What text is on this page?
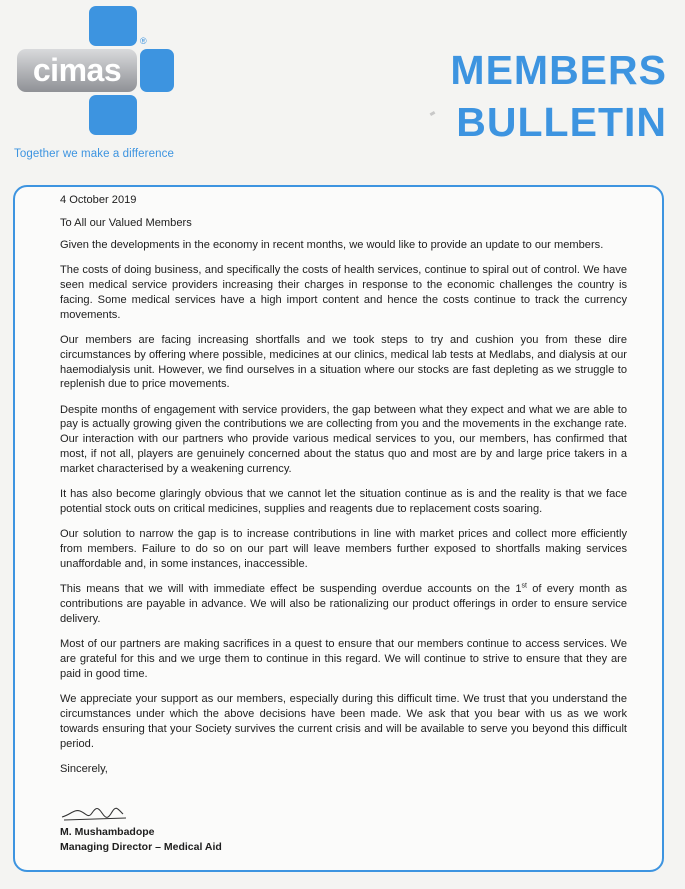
cimas
®
Together we make a difference
MEMBERS
BULLETIN

4 October 2019

To All our Valued Members

Given the developments in the economy in recent months, we would like to provide an update to our members.

The costs of doing business, and specifically the costs of health services, continue to spiral out of control. We have seen medical service providers increasing their charges in response to the economic challenges the country is facing. Some medical services have a high import content and hence the costs continue to track the currency movements.

Our members are facing increasing shortfalls and we took steps to try and cushion you from these dire circumstances by offering where possible, medicines at our clinics, medical lab tests at Medlabs, and dialysis at our haemodialysis unit. However, we find ourselves in a situation where our stocks are fast depleting as we struggle to replenish due to price movements.

Despite months of engagement with service providers, the gap between what they expect and what we are able to pay is actually growing given the contributions we are collecting from you and the movements in the exchange rate. Our interaction with our partners who provide various medical services to you, our members, has confirmed that most, if not all, players are genuinely concerned about the status quo and most are by and large price takers in a market characterised by a weakening currency.

It has also become glaringly obvious that we cannot let the situation continue as is and the reality is that we face potential stock outs on critical medicines, supplies and reagents due to replacement costs soaring.

Our solution to narrow the gap is to increase contributions in line with market prices and collect more efficiently from members. Failure to do so on our part will leave members further exposed to shortfalls making services unaffordable and, in some instances, inaccessible.

This means that we will with immediate effect be suspending overdue accounts on the 1st of every month as contributions are payable in advance. We will also be rationalizing our product offerings in order to ensure service delivery.

Most of our partners are making sacrifices in a quest to ensure that our members continue to access services. We are grateful for this and we urge them to continue in this regard. We will continue to strive to ensure that they are paid in good time.

We appreciate your support as our members, especially during this difficult time. We trust that you understand the circumstances under which the above decisions have been made. We ask that you bear with us as we work towards ensuring that your Society survives the current crisis and will be available to serve you beyond this difficult period.

Sincerely,

M. Mushambadope
Managing Director – Medical Aid
